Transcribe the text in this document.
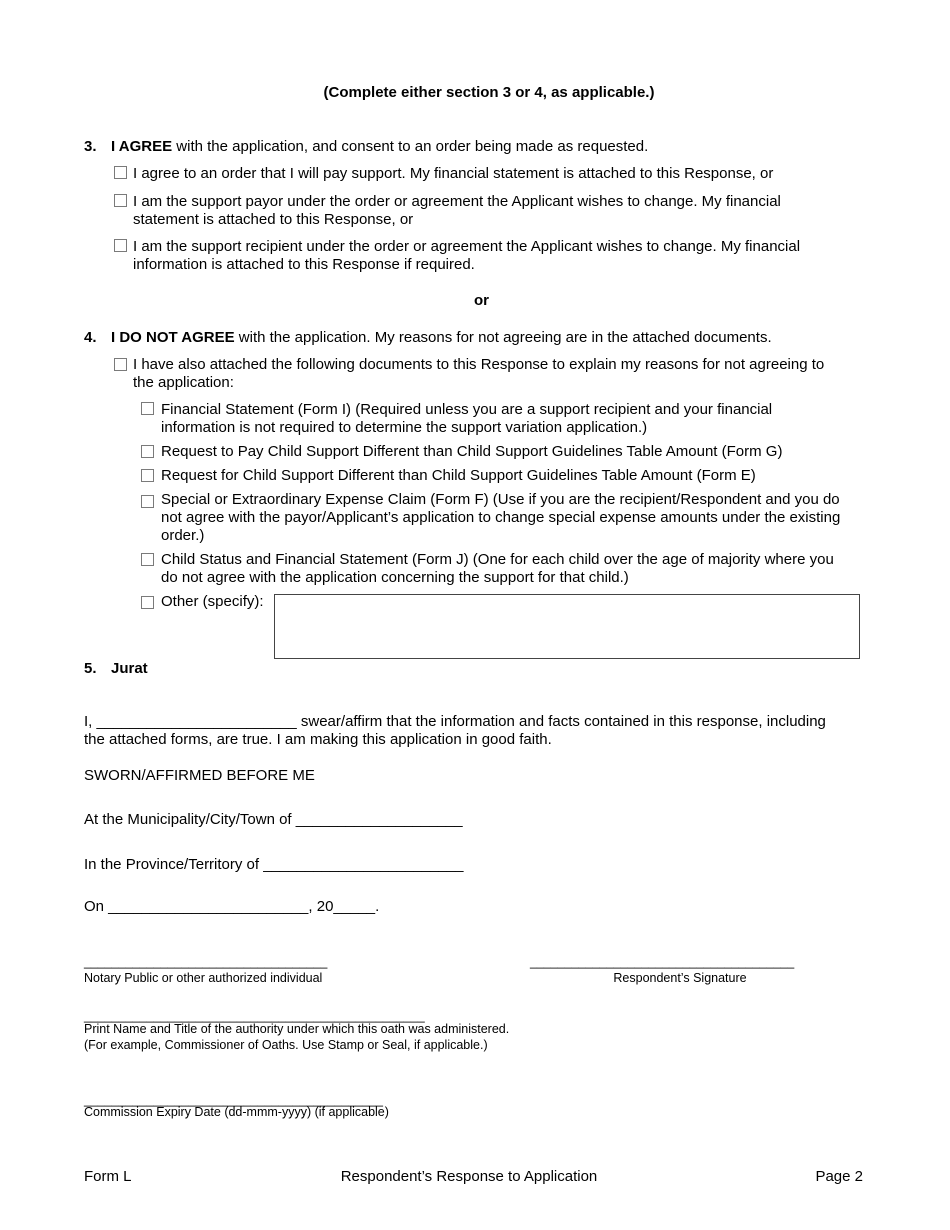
(Complete either section 3 or 4, as applicable.)
3. I AGREE with the application, and consent to an order being made as requested.
I agree to an order that I will pay support. My financial statement is attached to this Response, or
I am the support payor under the order or agreement the Applicant wishes to change. My financial
statement is attached to this Response, or
I am the support recipient under the order or agreement the Applicant wishes to change. My financial
information is attached to this Response if required.
or
4. I DO NOT AGREE with the application. My reasons for not agreeing are in the attached documents.
I have also attached the following documents to this Response to explain my reasons for not agreeing to
the application:
Financial Statement (Form I) (Required unless you are a support recipient and your financial
information is not required to determine the support variation application.)
Request to Pay Child Support Different than Child Support Guidelines Table Amount (Form G)
Request for Child Support Different than Child Support Guidelines Table Amount (Form E)
Special or Extraordinary Expense Claim (Form F) (Use if you are the recipient/Respondent and you do
not agree with the payor/Applicant’s application to change special expense amounts under the existing
order.)
Child Status and Financial Statement (Form J) (One for each child over the age of majority where you
do not agree with the application concerning the support for that child.)
Other (specify):
5. Jurat
I, ________________________ swear/affirm that the information and facts contained in this response, including
the attached forms, are true. I am making this application in good faith.
SWORN/AFFIRMED BEFORE ME
At the Municipality/City/Town of ____________________
In the Province/Territory of ________________________
On ________________________, 20_____.
___________________________________
Notary Public or other authorized individual
______________________________________
Respondent’s Signature
_________________________________________________
Print Name and Title of the authority under which this oath was administered.
(For example, Commissioner of Oaths. Use Stamp or Seal, if applicable.)
___________________________________________
Commission Expiry Date (dd-mmm-yyyy) (if applicable)
Form L	Respondent’s Response to Application	Page 2
